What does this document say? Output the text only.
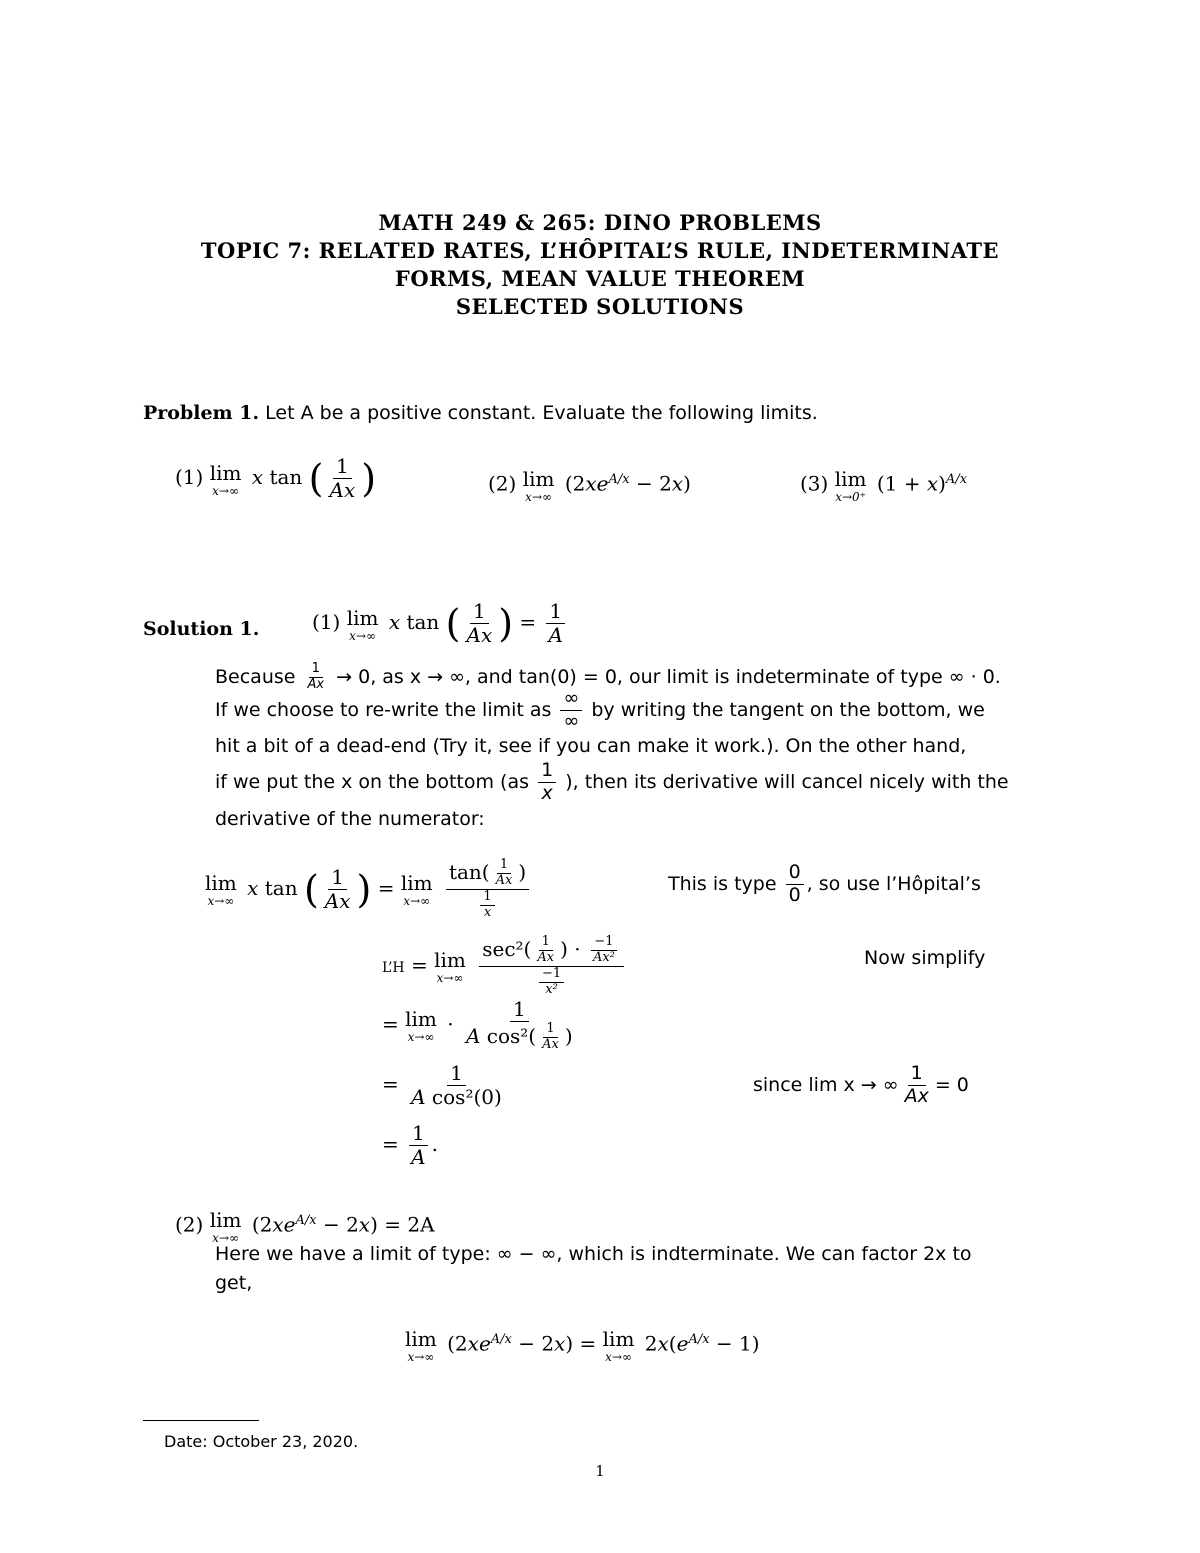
MATH 249 & 265: DINO PROBLEMS
TOPIC 7: RELATED RATES, L’HÔPITAL’S RULE, INDETERMINATE
FORMS, MEAN VALUE THEOREM
SELECTED SOLUTIONS
Problem 1. Let A be a positive constant. Evaluate the following limits.
(1) lim
x→∞
x tan ( $\frac{1}{Ax}$ )	(2) lim
x→∞
$(2xe^{A/x} - 2x)$	(3) lim
x→0⁺
$(1 + x)^{A/x}$
Solution 1.	(1) lim
x→∞
x tan ( $\frac{1}{Ax}$ ) = $\frac{1}{A}$
Because $\frac{1}{Ax} \to 0$, as x → ∞, and tan(0) = 0, our limit is indeterminate of type ∞ · 0.
If we choose to re-write the limit as $\frac{\infty}{\infty}$ by writing the tangent on the bottom, we
hit a bit of a dead-end (Try it, see if you can make it work.). On the other hand,
if we put the x on the bottom ($as \frac{1}{x}$ ), then its derivative will cancel nicely with the
derivative of the numerator:
lim
x→∞
x tan ( $\frac{1}{Ax}$ ) = lim
x→∞
$\frac{\tan( \frac{1}{Ax} )}{\frac{1}{x}}$	This is type $\frac{0}{0}$ , so use l’Hôpital’s
L’H = lim
x→∞
$\frac{\sec^2( \frac{1}{Ax} ) \cdot \frac{-1}{\text{Ax²}}}{\frac{-1}{\text{x²}}}$	Now simplify
= lim
x→∞
· $\frac{1}{A \cos^2( \frac{1}{Ax} )}$
= $\frac{1}{\text{A cos²(0)}}$	since lim x → ∞ $\frac{1}{Ax} = 0$
= $\frac{1}{A}$ .
(2) lim
x→∞
$(2xe^{A/x} - 2x) = 2A$
Here we have a limit of type: ∞ − ∞, which is indterminate. We can factor 2x to
get,
lim
x→∞
$(2xe^{A/x} - 2x) = \lim$
x→∞
$2x(e^{A/x} - 1)$
Date: October 23, 2020.
1
